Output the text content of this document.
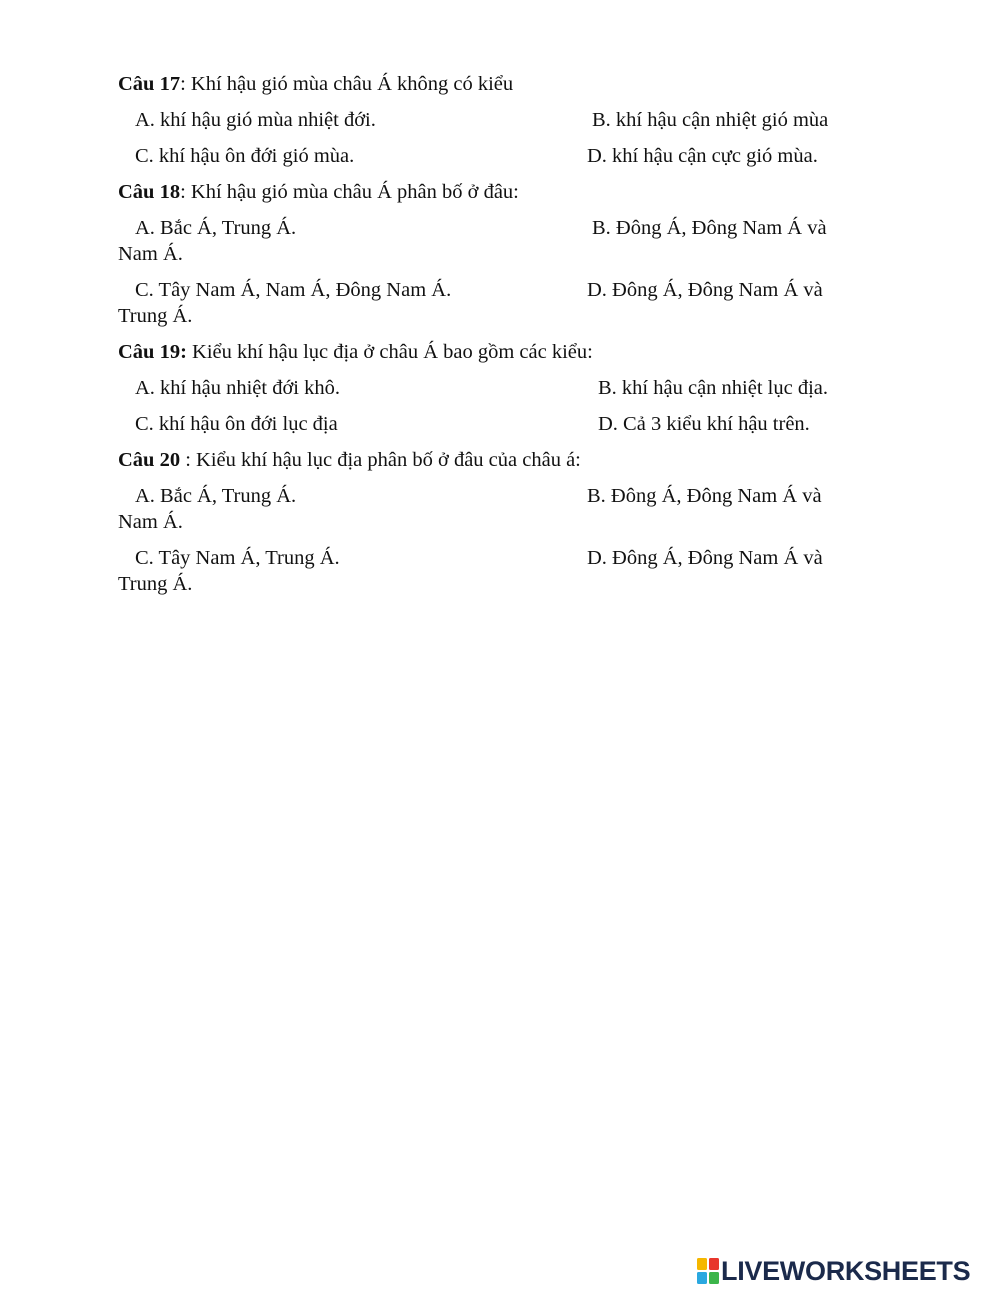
Câu 17: Khí hậu gió mùa châu Á không có kiểu
A. khí hậu gió mùa nhiệt đới.	B. khí hậu cận nhiệt gió mùa
C. khí hậu ôn đới gió mùa.	D. khí hậu cận cực gió mùa.
Câu 18: Khí hậu gió mùa châu Á phân bố ở đâu:
A. Bắc Á, Trung Á.	B. Đông Á, Đông Nam Á và
Nam Á.
C. Tây Nam Á, Nam Á, Đông Nam Á.	D. Đông Á, Đông Nam Á và
Trung Á.
Câu 19: Kiểu khí hậu lục địa ở châu Á bao gồm các kiểu:
A. khí hậu nhiệt đới khô.	B. khí hậu cận nhiệt lục địa.
C. khí hậu ôn đới lục địa	D. Cả 3 kiểu khí hậu trên.
Câu 20 : Kiểu khí hậu lục địa phân bố ở đâu của châu á:
A. Bắc Á, Trung Á.	B. Đông Á, Đông Nam Á và
Nam Á.
C. Tây Nam Á, Trung Á.	D. Đông Á, Đông Nam Á và
Trung Á.
LIVEWORKSHEETS
